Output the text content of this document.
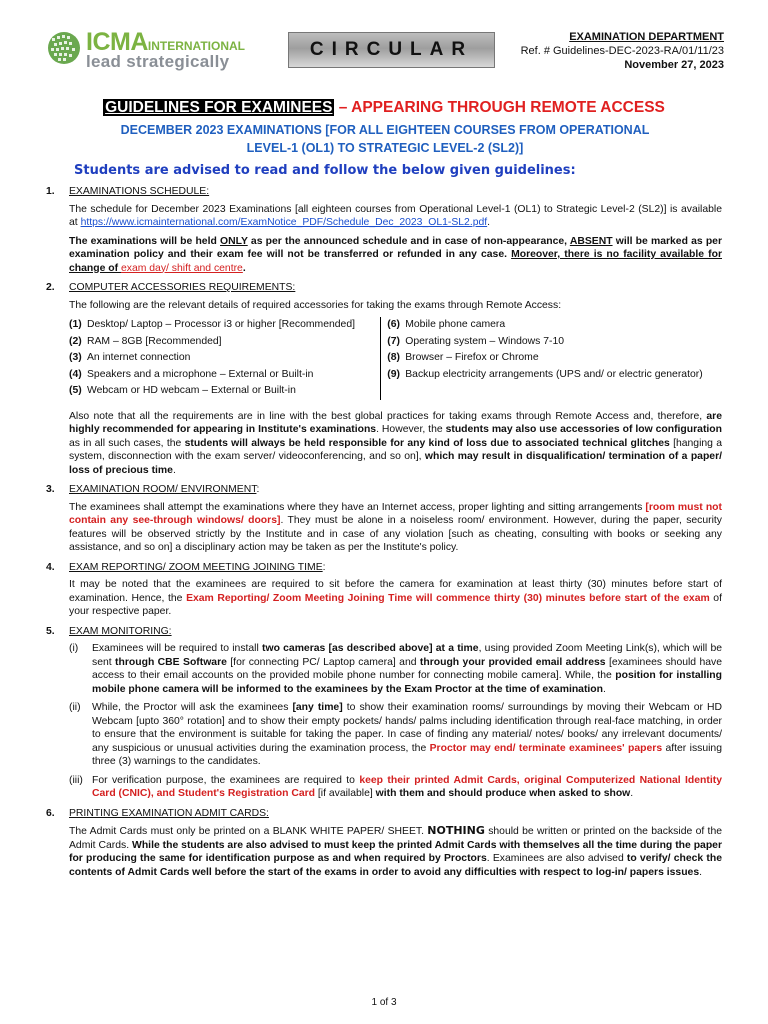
ICMAINTERNATIONAL
lead strategically
CIRCULAR
EXAMINATION DEPARTMENT
Ref. # Guidelines-DEC-2023-RA/01/11/23
November 27, 2023
GUIDELINES FOR EXAMINEES – APPEARING THROUGH REMOTE ACCESS
DECEMBER 2023 EXAMINATIONS [FOR ALL EIGHTEEN COURSES FROM OPERATIONAL
LEVEL-1 (OL1) TO STRATEGIC LEVEL-2 (SL2)]
Students are advised to read and follow the below given guidelines:
1. EXAMINATIONS SCHEDULE:
The schedule for December 2023 Examinations [all eighteen courses from Operational Level-1 (OL1) to Strategic Level-2 (SL2)] is available at https://www.icmainternational.com/ExamNotice_PDF/Schedule_Dec_2023_OL1-SL2.pdf.
The examinations will be held ONLY as per the announced schedule and in case of non-appearance, ABSENT will be marked as per examination policy and their exam fee will not be transferred or refunded in any case. Moreover, there is no facility available for change of exam day/ shift and centre.
2. COMPUTER ACCESSORIES REQUIREMENTS:
The following are the relevant details of required accessories for taking the exams through Remote Access:
(1) Desktop/ Laptop – Processor i3 or higher [Recommended]
(2) RAM – 8GB [Recommended]
(3) An internet connection
(4) Speakers and a microphone – External or Built-in
(5) Webcam or HD webcam – External or Built-in
(6) Mobile phone camera
(7) Operating system – Windows 7-10
(8) Browser – Firefox or Chrome
(9) Backup electricity arrangements (UPS and/ or electric generator)
Also note that all the requirements are in line with the best global practices for taking exams through Remote Access and, therefore, are highly recommended for appearing in Institute's examinations. However, the students may also use accessories of low configuration as in all such cases, the students will always be held responsible for any kind of loss due to associated technical glitches [hanging a system, disconnection with the exam server/ videoconferencing, and so on], which may result in disqualification/ termination of a paper/ loss of precious time.
3. EXAMINATION ROOM/ ENVIRONMENT:
The examinees shall attempt the examinations where they have an Internet access, proper lighting and sitting arrangements [room must not contain any see-through windows/ doors]. They must be alone in a noiseless room/ environment. However, during the paper, security features will be observed strictly by the Institute and in case of any violation [such as cheating, consulting with books or seeking any assistance, and so on] a disciplinary action may be taken as per the Institute's policy.
4. EXAM REPORTING/ ZOOM MEETING JOINING TIME:
It may be noted that the examinees are required to sit before the camera for examination at least thirty (30) minutes before start of examination. Hence, the Exam Reporting/ Zoom Meeting Joining Time will commence thirty (30) minutes before start of the exam of your respective paper.
5. EXAM MONITORING:
(i) Examinees will be required to install two cameras [as described above] at a time, using provided Zoom Meeting Link(s), which will be sent through CBE Software [for connecting PC/ Laptop camera] and through your provided email address [examinees should have access to their email accounts on the provided mobile phone number for connecting mobile camera]. While, the position for installing mobile phone camera will be informed to the examinees by the Exam Proctor at the time of examination.
(ii) While, the Proctor will ask the examinees [any time] to show their examination rooms/ surroundings by moving their Webcam or HD Webcam [upto 360° rotation] and to show their empty pockets/ hands/ palms including identification through real-face matching, in order to ensure that the environment is suitable for taking the paper. In case of finding any material/ notes/ books/ any irrelevant documents/ any suspicious or unusual activities during the examination process, the Proctor may end/ terminate examinees' papers after issuing three (3) warnings to the candidates.
(iii) For verification purpose, the examinees are required to keep their printed Admit Cards, original Computerized National Identity Card (CNIC), and Student's Registration Card [if available] with them and should produce when asked to show.
6. PRINTING EXAMINATION ADMIT CARDS:
The Admit Cards must only be printed on a BLANK WHITE PAPER/ SHEET. NOTHING should be written or printed on the backside of the Admit Cards. While the students are also advised to must keep the printed Admit Cards with themselves all the time during the paper for producing the same for identification purpose as and when required by Proctors. Examinees are also advised to verify/ check the contents of Admit Cards well before the start of the exams in order to avoid any difficulties with respect to log-in/ papers issues.
1 of 3
